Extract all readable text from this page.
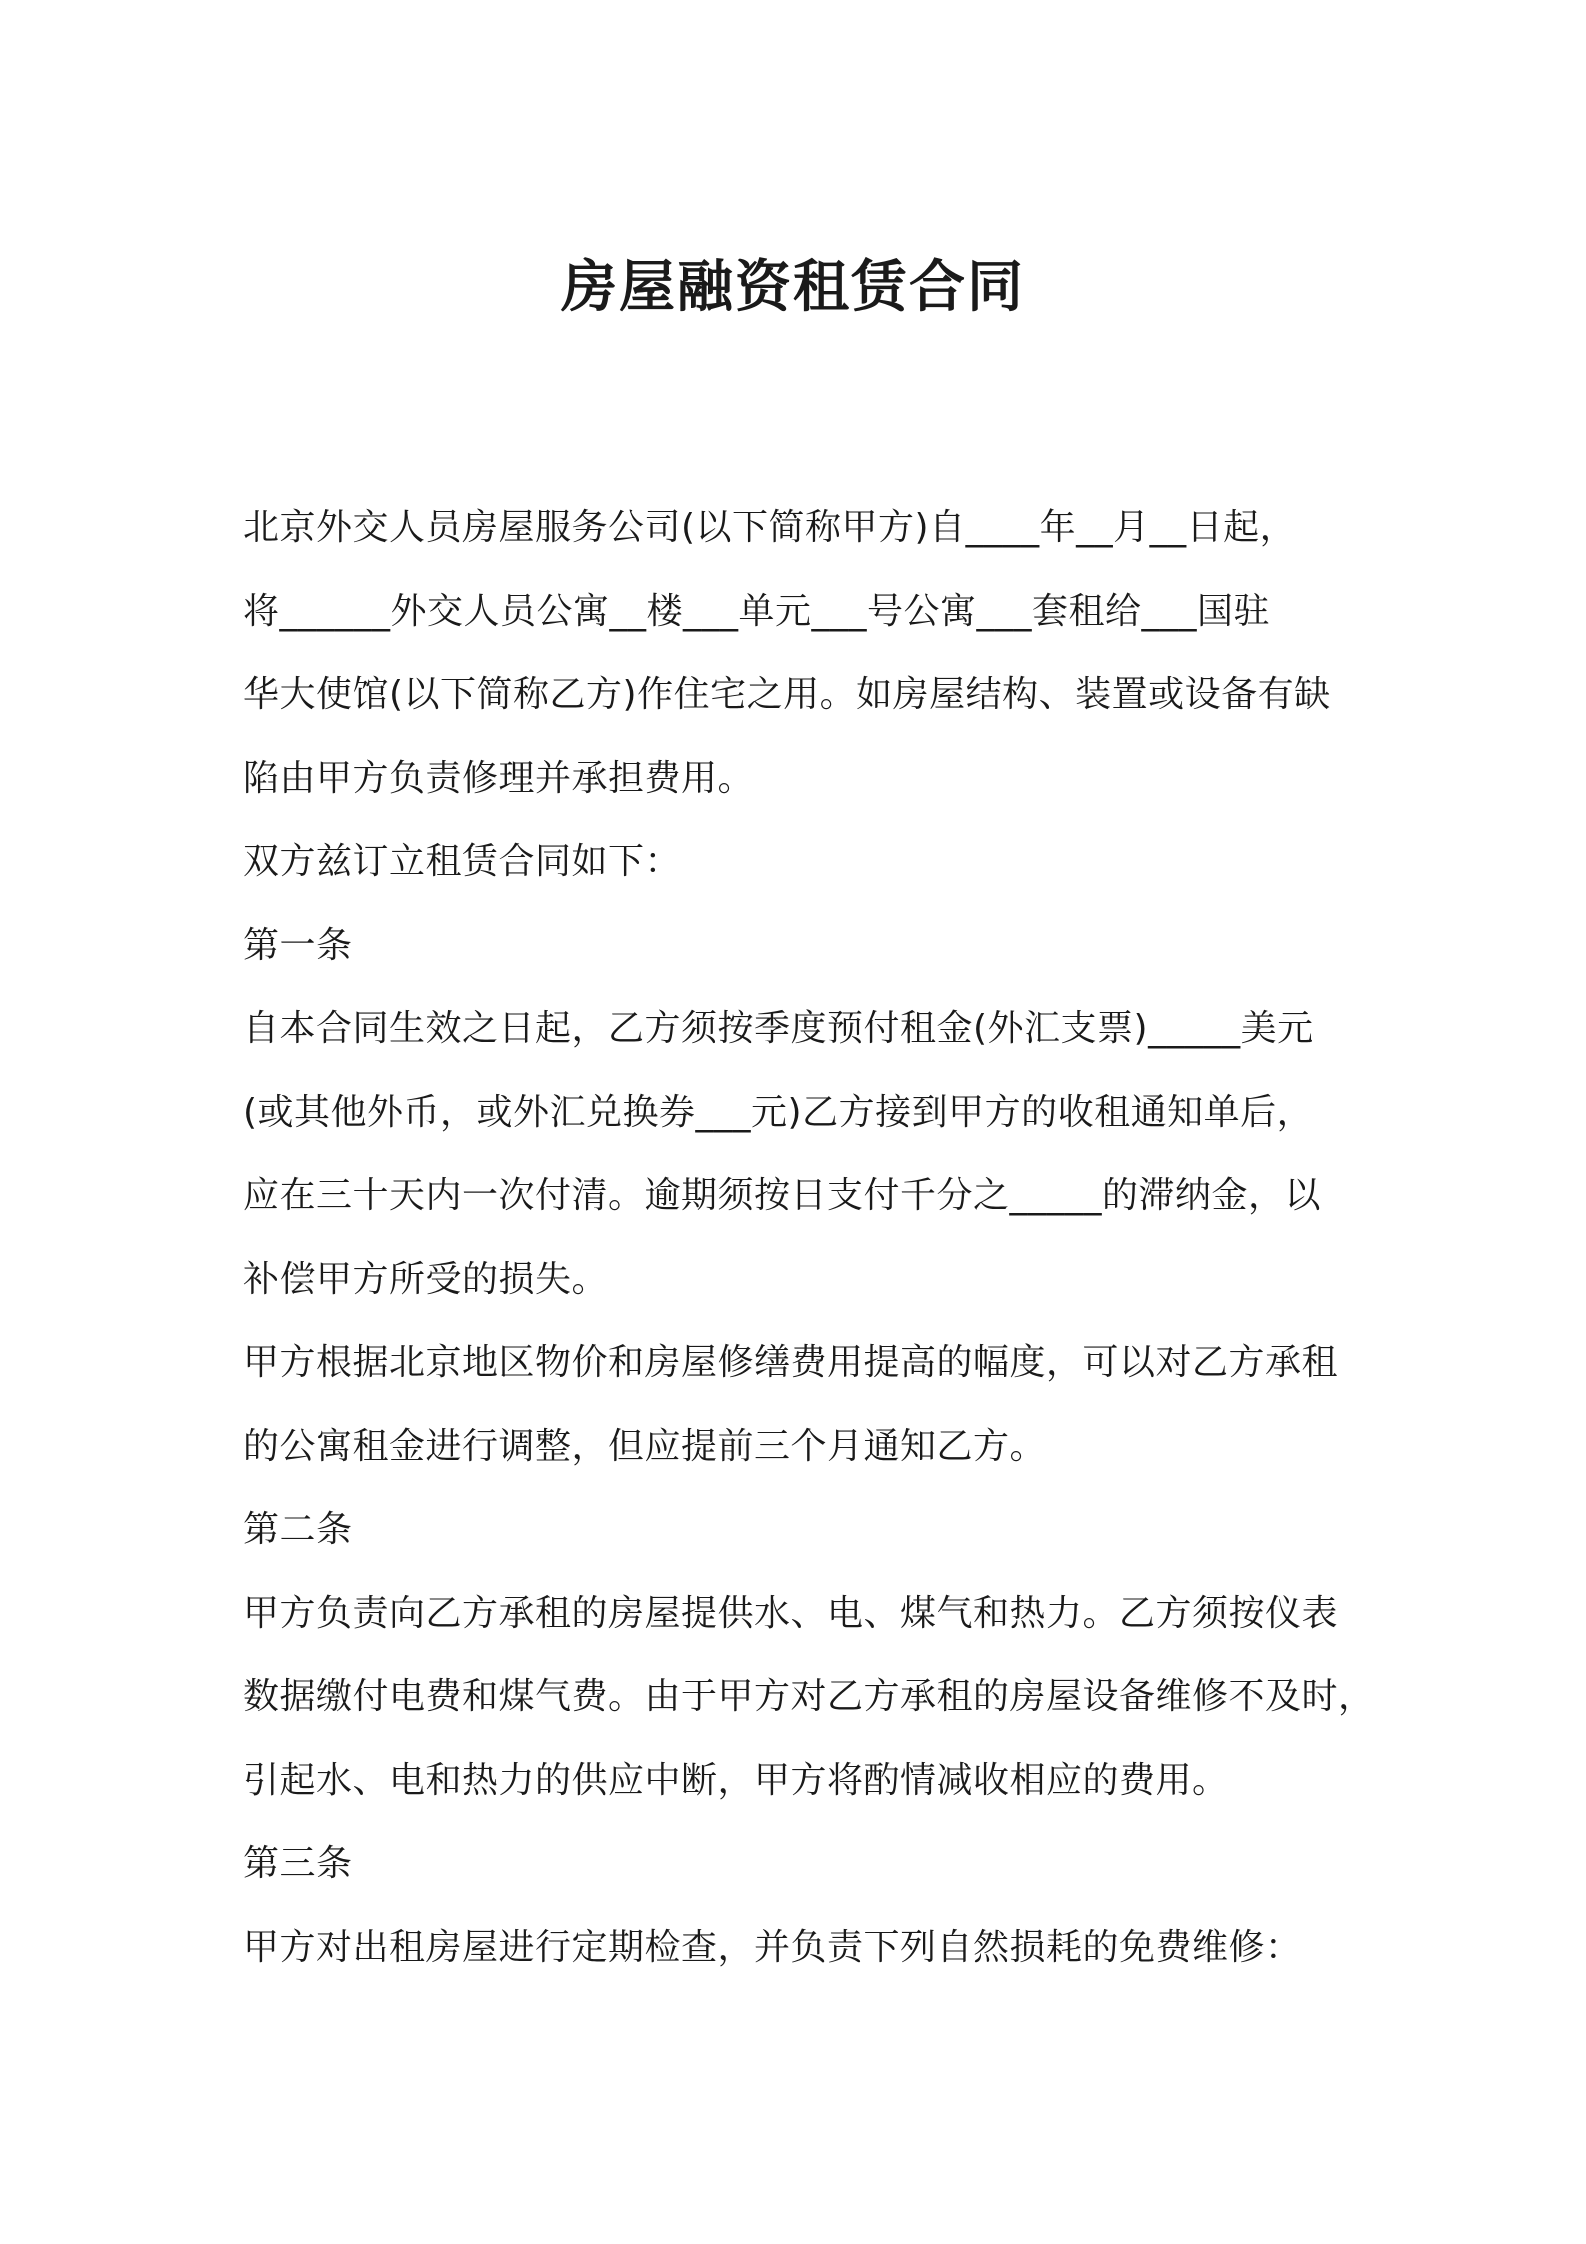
房屋融资租赁合同
北京外交人员房屋服务公司(以下简称甲方)自____年__月__日起，
将______外交人员公寓__楼___单元___号公寓___套租给___国驻
华大使馆(以下简称乙方)作住宅之用。如房屋结构、装置或设备有缺
陷由甲方负责修理并承担费用。
双方兹订立租赁合同如下：
第一条
自本合同生效之日起，乙方须按季度预付租金(外汇支票)_____美元
(或其他外币，或外汇兑换券___元)乙方接到甲方的收租通知单后，
应在三十天内一次付清。逾期须按日支付千分之_____的滞纳金，以
补偿甲方所受的损失。
甲方根据北京地区物价和房屋修缮费用提高的幅度，可以对乙方承租
的公寓租金进行调整，但应提前三个月通知乙方。
第二条
甲方负责向乙方承租的房屋提供水、电、煤气和热力。乙方须按仪表
数据缴付电费和煤气费。由于甲方对乙方承租的房屋设备维修不及时，
引起水、电和热力的供应中断，甲方将酌情减收相应的费用。
第三条
甲方对出租房屋进行定期检查，并负责下列自然损耗的免费维修：
